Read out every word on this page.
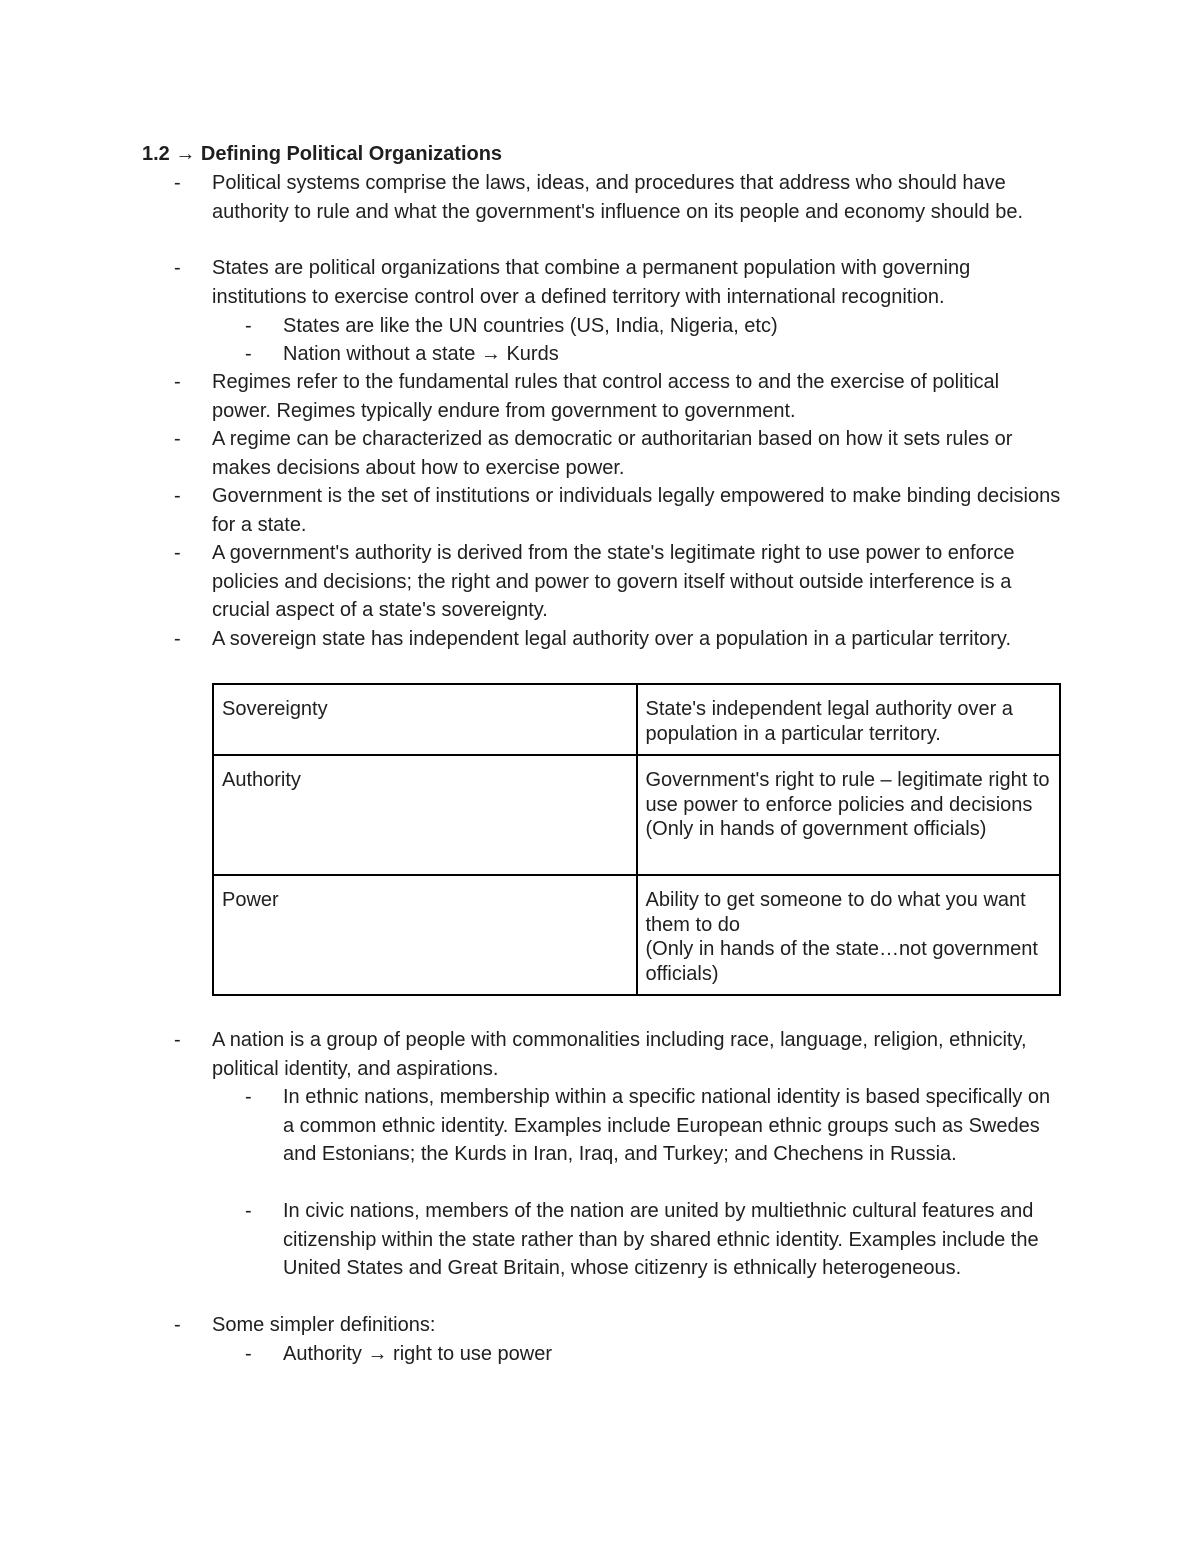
1.2 → Defining Political Organizations
- Political systems comprise the laws, ideas, and procedures that address who should have authority to rule and what the government's influence on its people and economy should be.
- States are political organizations that combine a permanent population with governing institutions to exercise control over a defined territory with international recognition.
- States are like the UN countries (US, India, Nigeria, etc)
- Nation without a state → Kurds
- Regimes refer to the fundamental rules that control access to and the exercise of political power. Regimes typically endure from government to government.
- A regime can be characterized as democratic or authoritarian based on how it sets rules or makes decisions about how to exercise power.
- Government is the set of institutions or individuals legally empowered to make binding decisions for a state.
- A government's authority is derived from the state's legitimate right to use power to enforce policies and decisions; the right and power to govern itself without outside interference is a crucial aspect of a state's sovereignty.
- A sovereign state has independent legal authority over a population in a particular territory.
Sovereignty	State's independent legal authority over a population in a particular territory.

Authority	Government's right to rule – legitimate right to use power to enforce policies and decisions
(Only in hands of government officials)

Power	Ability to get someone to do what you want them to do
(Only in hands of the state…not government officials)
- A nation is a group of people with commonalities including race, language, religion, ethnicity, political identity, and aspirations.
- In ethnic nations, membership within a specific national identity is based specifically on a common ethnic identity. Examples include European ethnic groups such as Swedes and Estonians; the Kurds in Iran, Iraq, and Turkey; and Chechens in Russia.
- In civic nations, members of the nation are united by multiethnic cultural features and citizenship within the state rather than by shared ethnic identity. Examples include the United States and Great Britain, whose citizenry is ethnically heterogeneous.
- Some simpler definitions:
- Authority → right to use power
